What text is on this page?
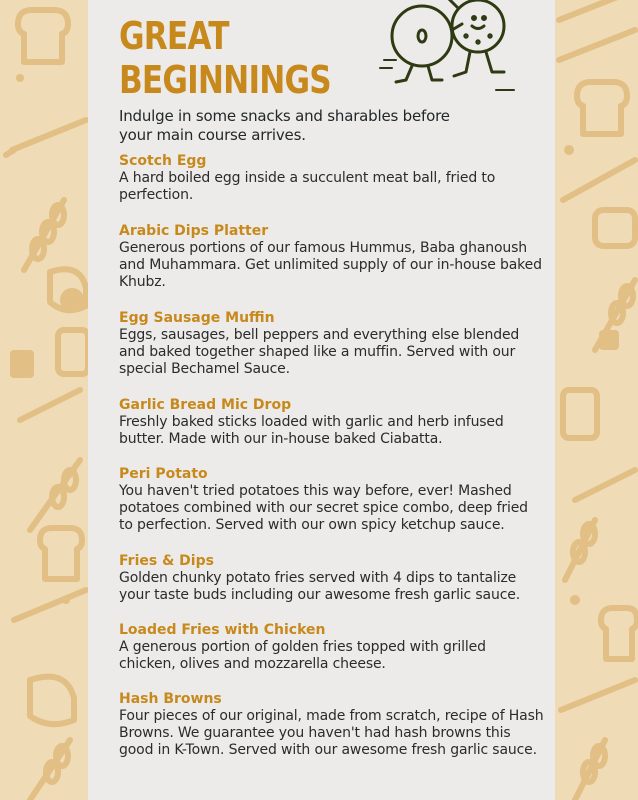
GREAT
BEGINNINGS

Indulge in some snacks and sharables before your main course arrives.

Scotch Egg

A hard boiled egg inside a succulent meat ball, fried to perfection.

Arabic Dips Platter

Generous portions of our famous Hummus, Baba ghanoush and Muhammara. Get unlimited supply of our in-house baked Khubz.

Egg Sausage Muffin

Eggs, sausages, bell peppers and everything else blended and baked together shaped like a muffin. Served with our special Bechamel Sauce.

Garlic Bread Mic Drop

Freshly baked sticks loaded with garlic and herb infused butter. Made with our in-house baked Ciabatta.

Peri Potato

You haven't tried potatoes this way before, ever! Mashed potatoes combined with our secret spice combo, deep fried to perfection. Served with our own spicy ketchup sauce.

Fries & Dips

Golden chunky potato fries served with 4 dips to tantalize your taste buds including our awesome fresh garlic sauce.

Loaded Fries with Chicken

A generous portion of golden fries topped with grilled chicken, olives and mozzarella cheese.

Hash Browns

Four pieces of our original, made from scratch, recipe of Hash Browns. We guarantee you haven't had hash browns this good in K-Town. Served with our awesome fresh garlic sauce.
